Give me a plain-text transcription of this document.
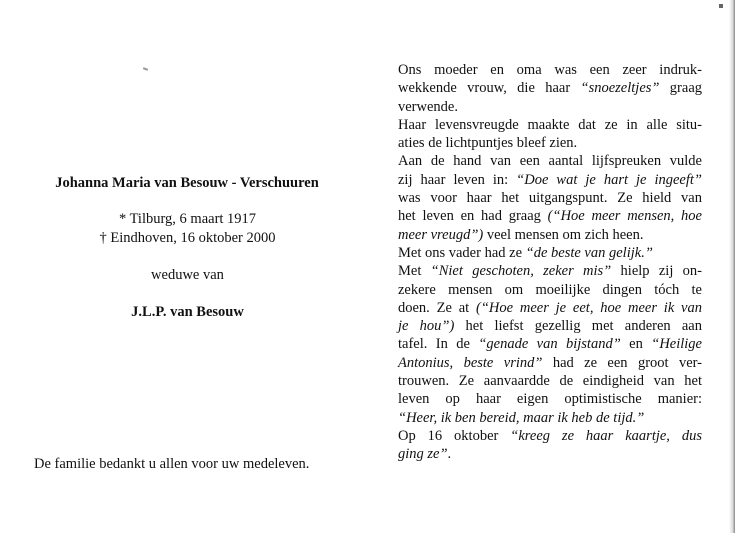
Johanna Maria van Besouw - Verschuuren
* Tilburg, 6 maart 1917
† Eindhoven, 16 oktober 2000
weduwe van
J.L.P. van Besouw
De familie bedankt u allen voor uw medeleven.
Ons moeder en oma was een zeer indruk-
wekkende vrouw, die haar “snoezeltjes” graag
verwende.
Haar levensvreugde maakte dat ze in alle situ-
aties de lichtpuntjes bleef zien.
Aan de hand van een aantal lijfspreuken vulde
zij haar leven in: “Doe wat je hart je ingeeft”
was voor haar het uitgangspunt. Ze hield van
het leven en had graag (“Hoe meer mensen, hoe
meer vreugd”) veel mensen om zich heen.
Met ons vader had ze “de beste van gelijk.”
Met “Niet geschoten, zeker mis” hielp zij on-
zekere mensen om moeilijke dingen tóch te
doen. Ze at (“Hoe meer je eet, hoe meer ik van
je hou”) het liefst gezellig met anderen aan
tafel. In de “genade van bijstand” en “Heilige
Antonius, beste vrind” had ze een groot ver-
trouwen. Ze aanvaardde de eindigheid van het
leven op haar eigen optimistische manier:
“Heer, ik ben bereid, maar ik heb de tijd.”
Op 16 oktober “kreeg ze haar kaartje, dus
ging ze”.
